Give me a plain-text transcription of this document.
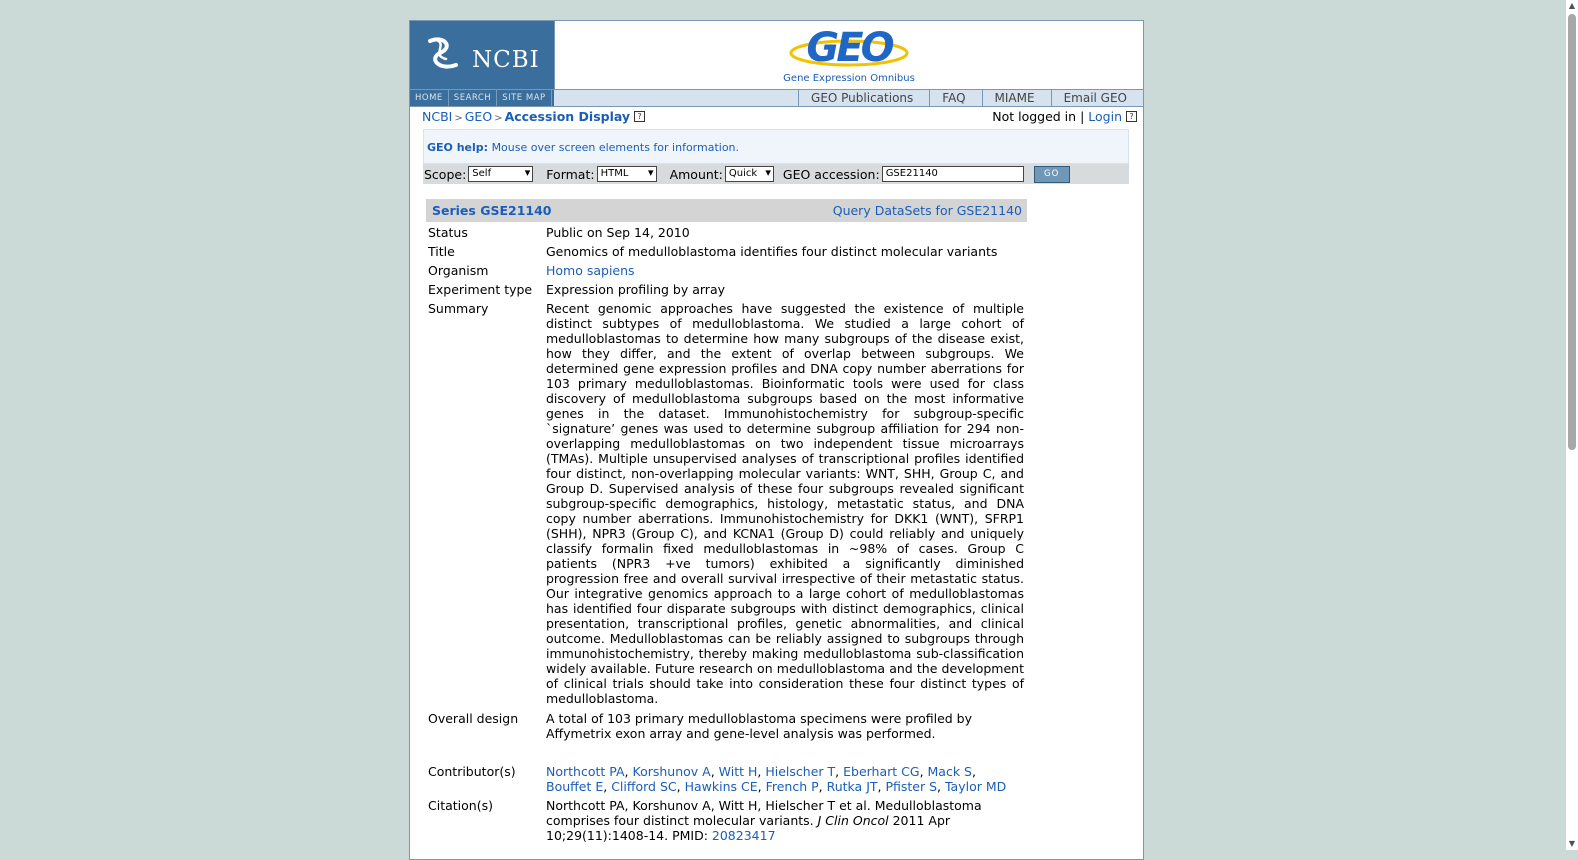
NCBI	GEO
Gene Expression Omnibus
HOME	SEARCH	SITE MAP	GEO Publications	FAQ	MIAME	Email GEO
NCBI > GEO > Accession Display ?	Not logged in | Login ?
GEO help: Mouse over screen elements for information.
Scope: Self ▾	Format: HTML ▾	Amount: Quick ▾	GEO accession: GSE21140	GO
Series GSE21140	Query DataSets for GSE21140
Status	Public on Sep 14, 2010
Title	Genomics of medulloblastoma identifies four distinct molecular variants
Organism	Homo sapiens
Experiment type	Expression profiling by array
Summary	Recent genomic approaches have suggested the existence of multiple distinct subtypes of medulloblastoma. We studied a large cohort of medulloblastomas to determine how many subgroups of the disease exist, how they differ, and the extent of overlap between subgroups. We determined gene expression profiles and DNA copy number aberrations for 103 primary medulloblastomas. Bioinformatic tools were used for class discovery of medulloblastoma subgroups based on the most informative genes in the dataset. Immunohistochemistry for subgroup-specific `signature’ genes was used to determine subgroup affiliation for 294 non-overlapping medulloblastomas on two independent tissue microarrays (TMAs). Multiple unsupervised analyses of transcriptional profiles identified four distinct, non-overlapping molecular variants: WNT, SHH, Group C, and Group D. Supervised analysis of these four subgroups revealed significant subgroup-specific demographics, histology, metastatic status, and DNA copy number aberrations. Immunohistochemistry for DKK1 (WNT), SFRP1 (SHH), NPR3 (Group C), and KCNA1 (Group D) could reliably and uniquely classify formalin fixed medulloblastomas in ~98% of cases. Group C patients (NPR3 +ve tumors) exhibited a significantly diminished progression free and overall survival irrespective of their metastatic status. Our integrative genomics approach to a large cohort of medulloblastomas has identified four disparate subgroups with distinct demographics, clinical presentation, transcriptional profiles, genetic abnormalities, and clinical outcome. Medulloblastomas can be reliably assigned to subgroups through immunohistochemistry, thereby making medulloblastoma sub-classification widely available. Future research on medulloblastoma and the development of clinical trials should take into consideration these four distinct types of medulloblastoma.
Overall design	A total of 103 primary medulloblastoma specimens were profiled by Affymetrix exon array and gene-level analysis was performed.
Contributor(s)	Northcott PA, Korshunov A, Witt H, Hielscher T, Eberhart CG, Mack S, Bouffet E, Clifford SC, Hawkins CE, French P, Rutka JT, Pfister S, Taylor MD
Citation(s)	Northcott PA, Korshunov A, Witt H, Hielscher T et al. Medulloblastoma comprises four distinct molecular variants. J Clin Oncol 2011 Apr 10;29(11):1408-14. PMID: 20823417
▲
▼
